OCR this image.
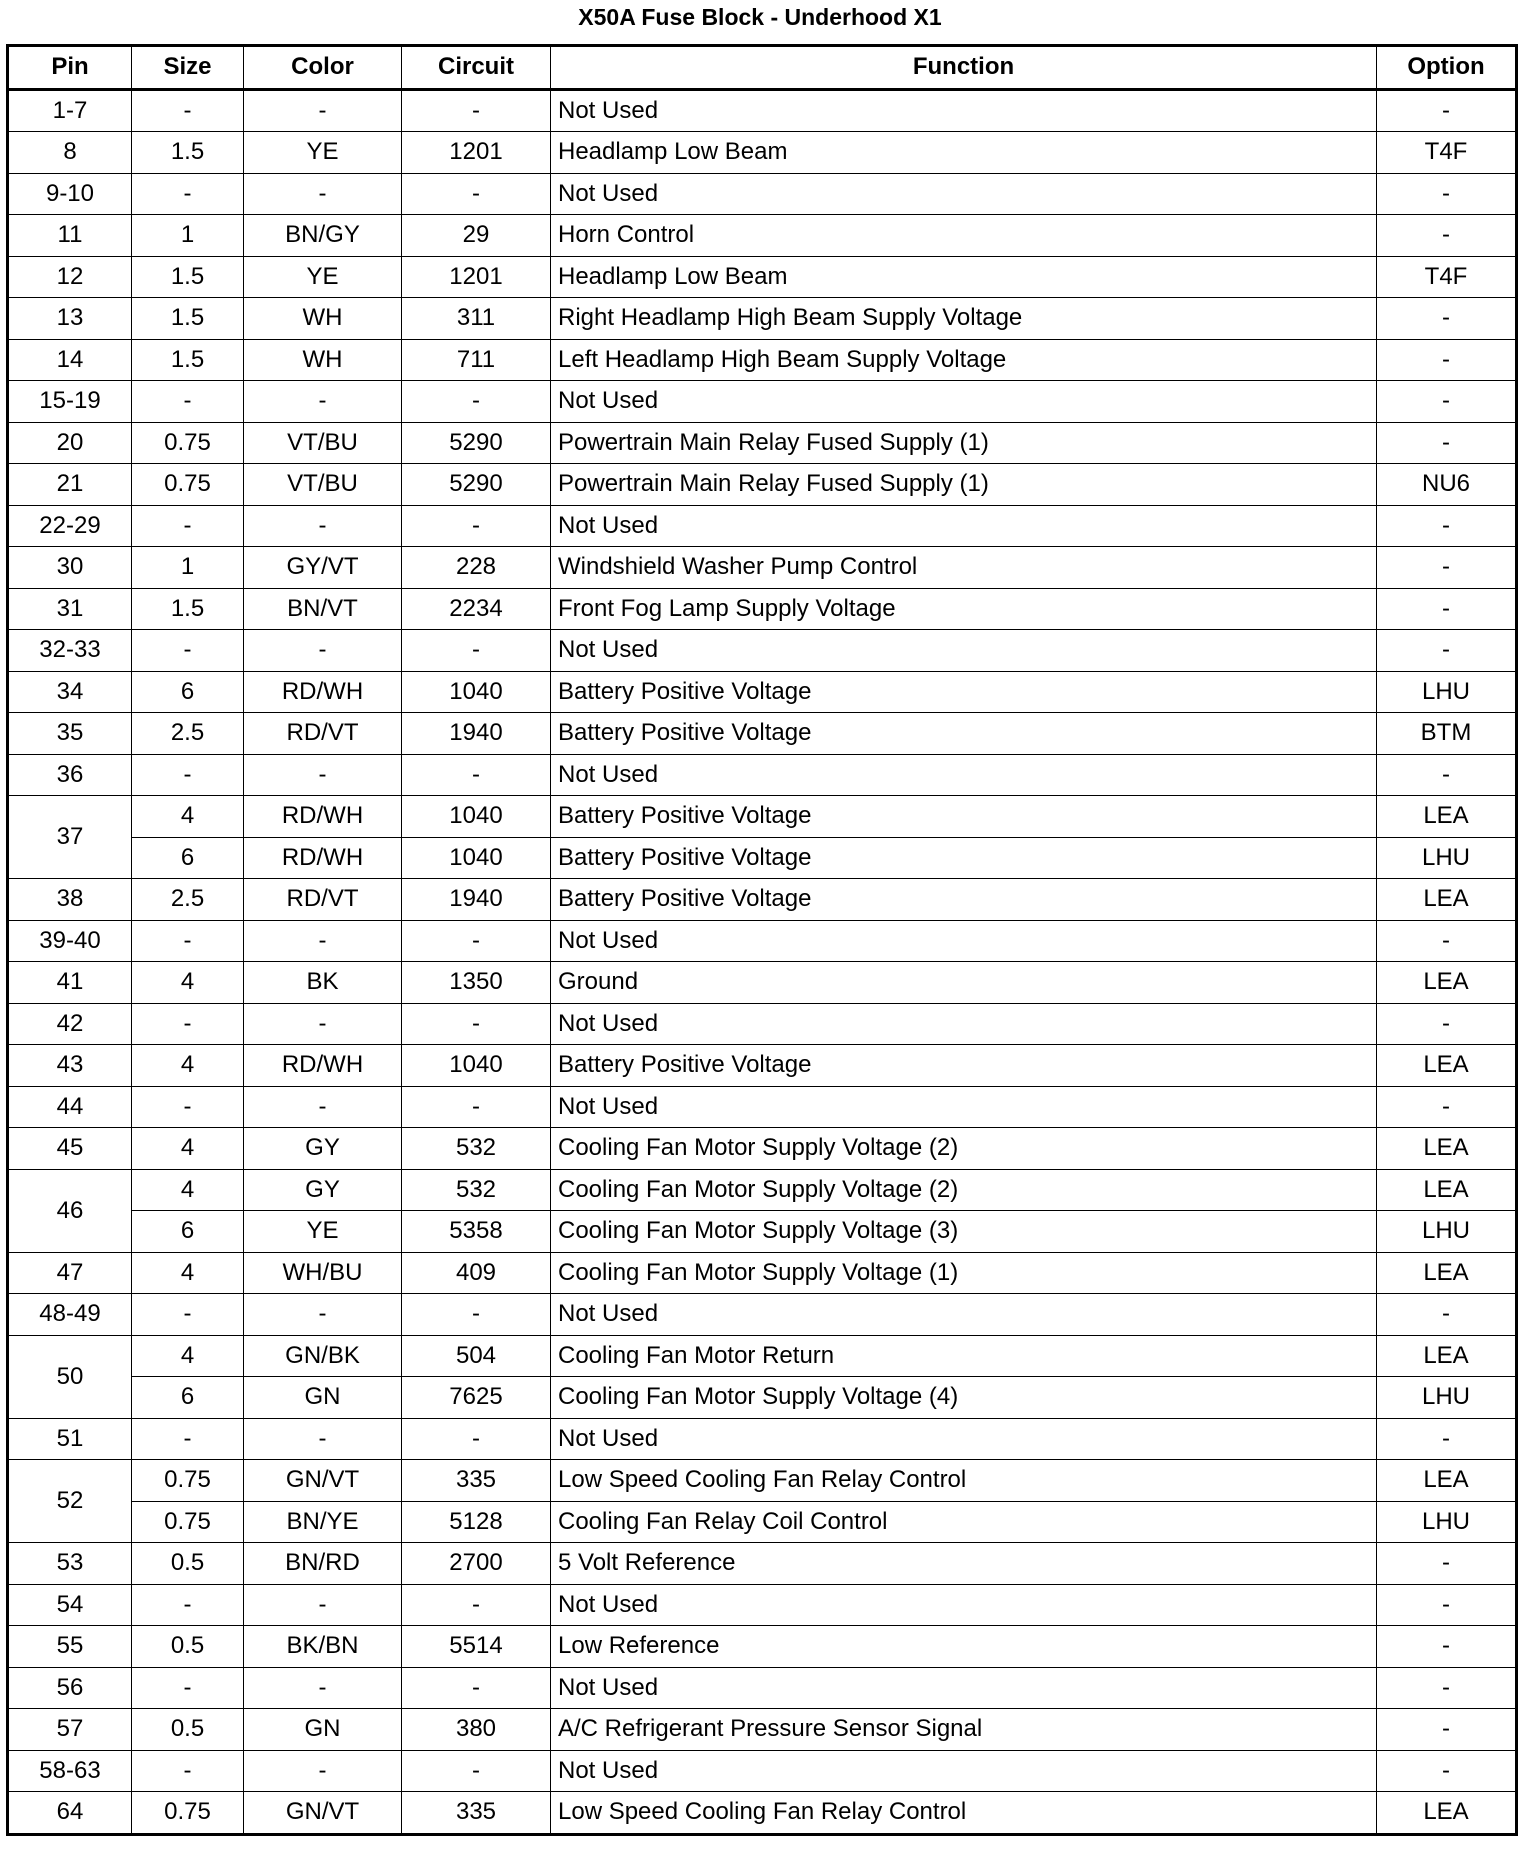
X50A Fuse Block - Underhood X1
Pin	Size	Color	Circuit	Function	Option
1-7	-	-	-	Not Used	-
8	1.5	YE	1201	Headlamp Low Beam	T4F
9-10	-	-	-	Not Used	-
11	1	BN/GY	29	Horn Control	-
12	1.5	YE	1201	Headlamp Low Beam	T4F
13	1.5	WH	311	Right Headlamp High Beam Supply Voltage	-
14	1.5	WH	711	Left Headlamp High Beam Supply Voltage	-
15-19	-	-	-	Not Used	-
20	0.75	VT/BU	5290	Powertrain Main Relay Fused Supply (1)	-
21	0.75	VT/BU	5290	Powertrain Main Relay Fused Supply (1)	NU6
22-29	-	-	-	Not Used	-
30	1	GY/VT	228	Windshield Washer Pump Control	-
31	1.5	BN/VT	2234	Front Fog Lamp Supply Voltage	-
32-33	-	-	-	Not Used	-
34	6	RD/WH	1040	Battery Positive Voltage	LHU
35	2.5	RD/VT	1940	Battery Positive Voltage	BTM
36	-	-	-	Not Used	-
37	4	RD/WH	1040	Battery Positive Voltage	LEA
	6	RD/WH	1040	Battery Positive Voltage	LHU
38	2.5	RD/VT	1940	Battery Positive Voltage	LEA
39-40	-	-	-	Not Used	-
41	4	BK	1350	Ground	LEA
42	-	-	-	Not Used	-
43	4	RD/WH	1040	Battery Positive Voltage	LEA
44	-	-	-	Not Used	-
45	4	GY	532	Cooling Fan Motor Supply Voltage (2)	LEA
46	4	GY	532	Cooling Fan Motor Supply Voltage (2)	LEA
	6	YE	5358	Cooling Fan Motor Supply Voltage (3)	LHU
47	4	WH/BU	409	Cooling Fan Motor Supply Voltage (1)	LEA
48-49	-	-	-	Not Used	-
50	4	GN/BK	504	Cooling Fan Motor Return	LEA
	6	GN	7625	Cooling Fan Motor Supply Voltage (4)	LHU
51	-	-	-	Not Used	-
52	0.75	GN/VT	335	Low Speed Cooling Fan Relay Control	LEA
	0.75	BN/YE	5128	Cooling Fan Relay Coil Control	LHU
53	0.5	BN/RD	2700	5 Volt Reference	-
54	-	-	-	Not Used	-
55	0.5	BK/BN	5514	Low Reference	-
56	-	-	-	Not Used	-
57	0.5	GN	380	A/C Refrigerant Pressure Sensor Signal	-
58-63	-	-	-	Not Used	-
64	0.75	GN/VT	335	Low Speed Cooling Fan Relay Control	LEA
